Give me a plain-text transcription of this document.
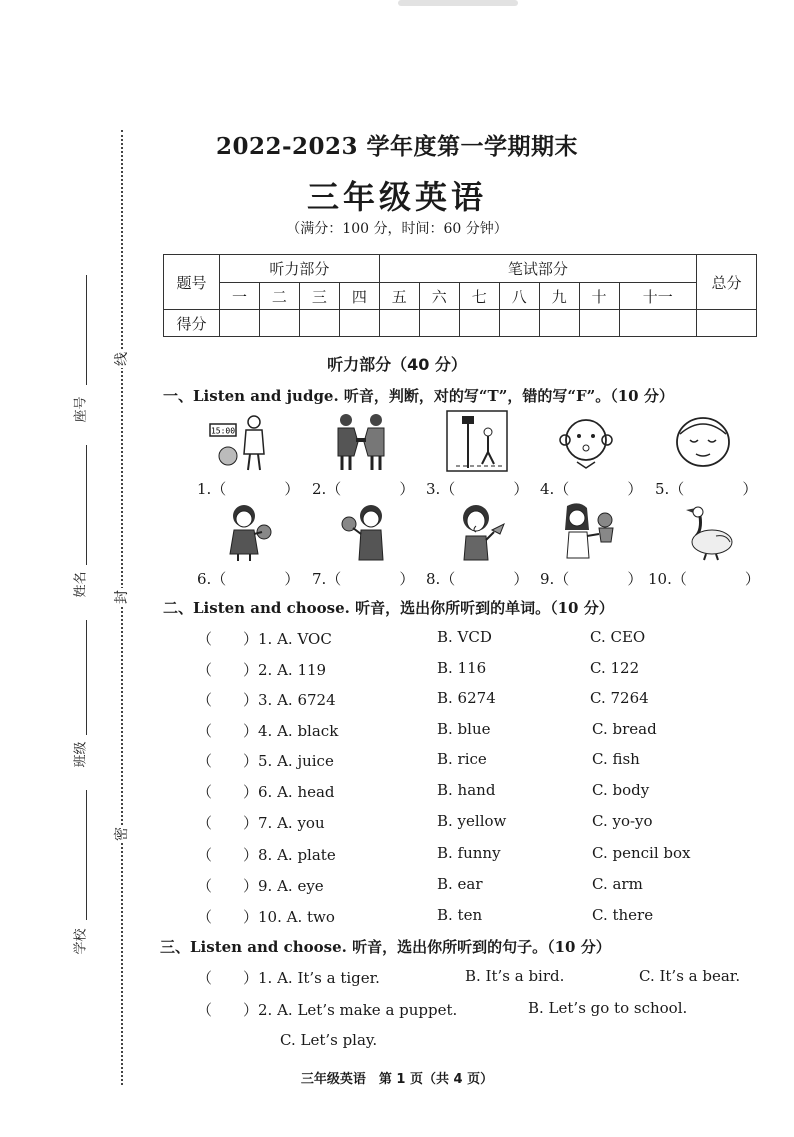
线
封
密
座号
姓名
班级
学校
2022-2023 学年度第一学期期末
三年级英语
（满分：100 分，时间：60 分钟）
题号	听力部分				笔试部分							总分
	一	二	三	四	五	六	七	八	九	十	十一	
得分												
听力部分（40 分）
一、Listen and judge. 听音，判断，对的写“T”，错的写“F”。（10 分）
15:00
1.（	） 2.（	） 3.（	） 4.（	） 5.（	）
6.（	） 7.（	） 8.（	） 9.（	） 10.（	）
二、Listen and choose. 听音，选出你所听到的单词。（10 分）
（ ）1. A. VOC	B. VCD	C. CEO
（ ）2. A. 119	B. 116	C. 122
（ ）3. A. 6724	B. 6274	C. 7264
（ ）4. A. black	B. blue	C. bread
（ ）5. A. juice	B. rice	C. fish
（ ）6. A. head	B. hand	C. body
（ ）7. A. you	B. yellow	C. yo-yo
（ ）8. A. plate	B. funny	C. pencil box
（ ）9. A. eye	B. ear	C. arm
（ ）10. A. two	B. ten	C. there
三、Listen and choose. 听音，选出你所听到的句子。（10 分）
（ ）1. A. It’s a tiger.	B. It’s a bird.	C. It’s a bear.
（ ）2. A. Let’s make a puppet.	B. Let’s go to school.
C. Let’s play.
三年级英语　第 1 页（共 4 页）
